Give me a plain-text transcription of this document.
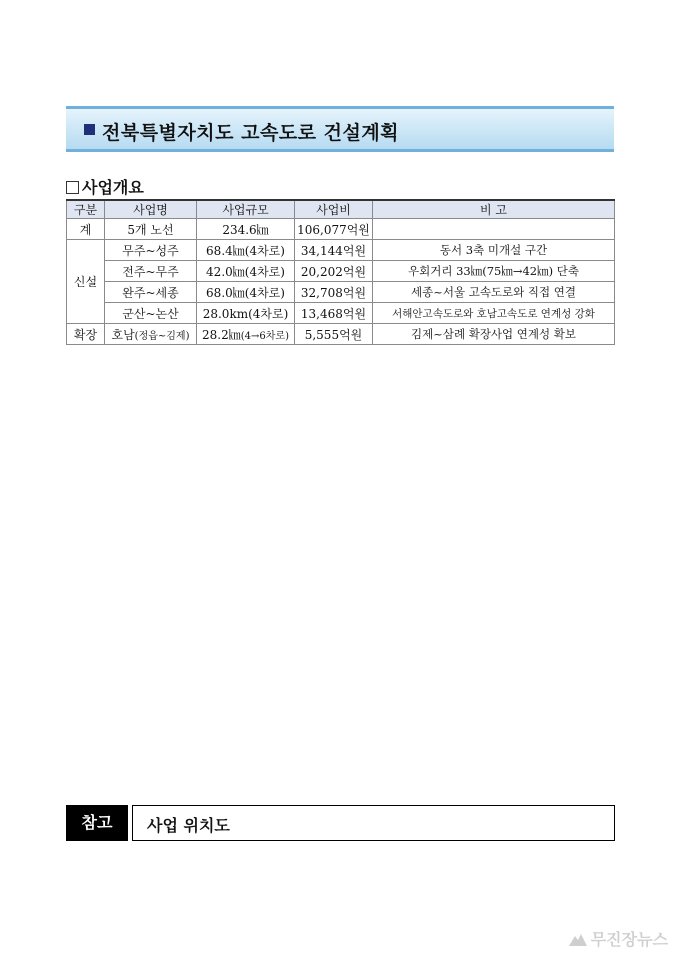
전북특별자치도 고속도로 건설계획
사업개요
구분	사업명	사업규모	사업비	비 고
계	5개 노선	234.6㎞	106,077억원	
신설	무주~성주	68.4㎞(4차로)	34,144억원	동서 3축 미개설 구간
	전주~무주	42.0㎞(4차로)	20,202억원	우회거리 33㎞(75㎞→42㎞) 단축
	완주~세종	68.0㎞(4차로)	32,708억원	세종~서울 고속도로와 직접 연결
	군산~논산	28.0km(4차로)	13,468억원	서해안고속도로와 호남고속도로 연계성 강화
확장	호남(정읍~김제)	28.2㎞(4→6차로)	5,555억원	김제~삼례 확장사업 연계성 확보
참고	사업 위치도
무진장뉴스
